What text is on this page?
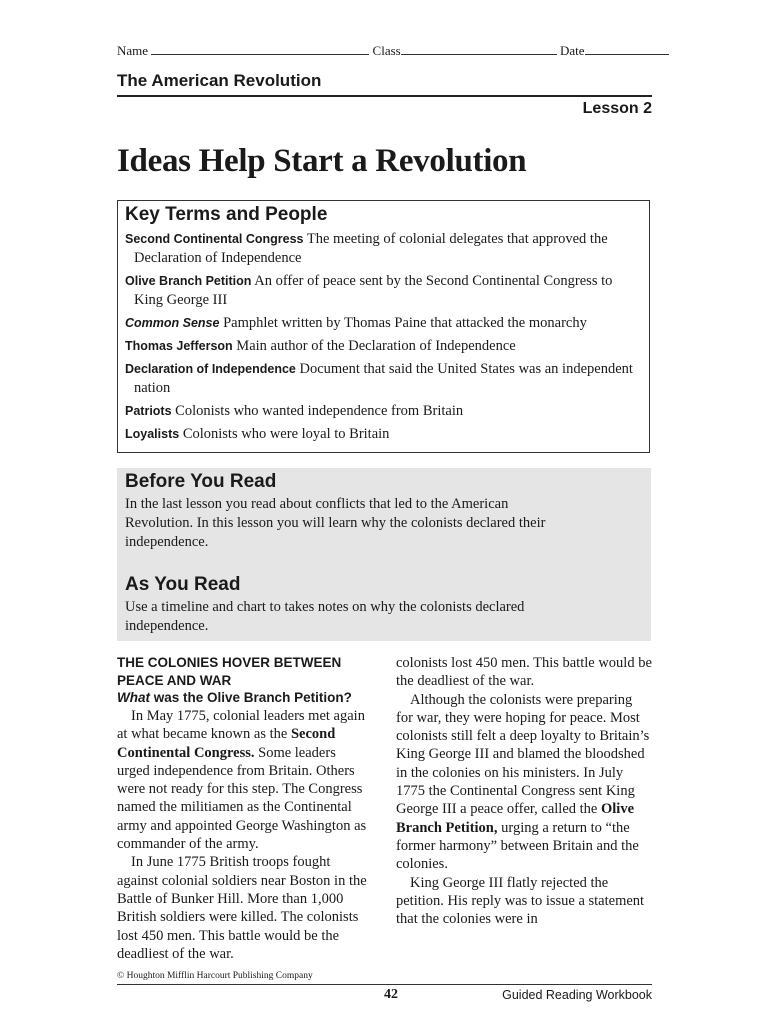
Name	Class	Date
The American Revolution
Lesson 2
Ideas Help Start a Revolution
Key Terms and People
Second Continental Congress The meeting of colonial delegates that approved the Declaration of Independence
Olive Branch Petition An offer of peace sent by the Second Continental Congress to King George III
Common Sense Pamphlet written by Thomas Paine that attacked the monarchy
Thomas Jefferson Main author of the Declaration of Independence
Declaration of Independence Document that said the United States was an independent nation
Patriots Colonists who wanted independence from Britain
Loyalists Colonists who were loyal to Britain
Before You Read

In the last lesson you read about conflicts that led to the American Revolution. In this lesson you will learn why the colonists declared their independence.

As You Read

Use a timeline and chart to takes notes on why the colonists declared independence.

THE COLONIES HOVER BETWEEN PEACE AND WAR

What was the Olive Branch Petition?

In May 1775, colonial leaders met again at what became known as the Second Continental Congress. Some leaders urged independence from Britain. Others were not ready for this step. The Congress named the militiamen as the Continental army and appointed George Washington as commander of the army.

In June 1775 British troops fought against colonial soldiers near Boston in the Battle of Bunker Hill. More than 1,000 British soldiers were killed. The colonists lost 450 men. This battle would be the deadliest of the war.

colonists lost 450 men. This battle would be the deadliest of the war.

Although the colonists were preparing for war, they were hoping for peace. Most colonists still felt a deep loyalty to Britain’s King George III and blamed the bloodshed in the colonies on his ministers. In July 1775 the Continental Congress sent King George III a peace offer, called the Olive Branch Petition, urging a return to “the former harmony” between Britain and the colonies.

King George III flatly rejected the petition. His reply was to issue a statement that the colonies were in

© Houghton Mifflin Harcourt Publishing Company
42	Guided Reading Workbook
